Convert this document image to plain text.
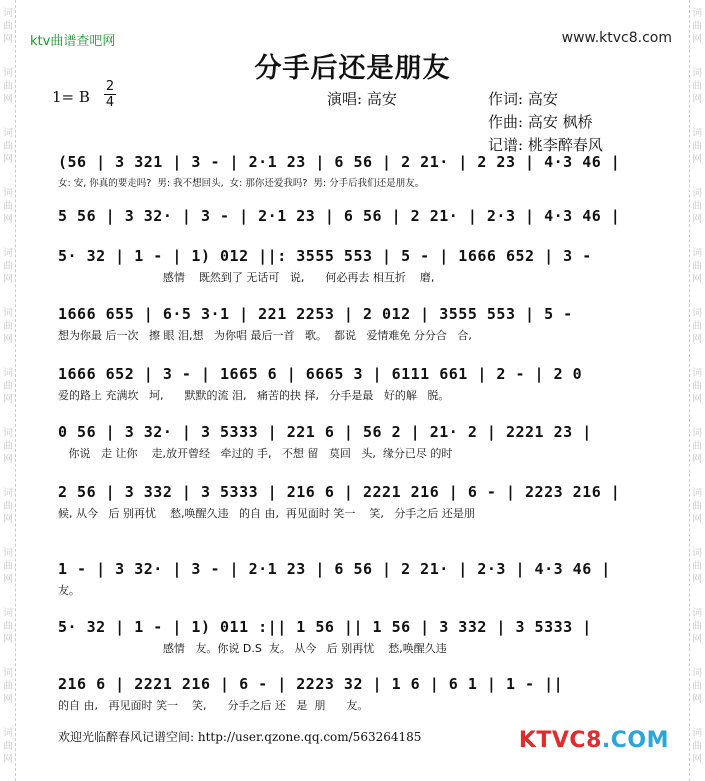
词
曲
网
词
曲
网
词
曲
网
词
曲
网
词
曲
网
词
曲
网
词
曲
网
词
曲
网
词
曲
网
词
曲
网
词
曲
网
词
曲
网
词
曲
网
词
曲
网
词
曲
网
词
曲
网
词
曲
网
词
曲
网
词
曲
网
词
曲
网
词
曲
网
词
曲
网
词
曲
网
词
曲
网
词
曲
网
词
曲
网
ktv曲谱查吧网	www.ktvc8.com
分手后还是朋友
1= B
2
4	演唱: 高安	作词: 高安
作曲: 高安 枫桥
记谱: 桃李醉春风
(56 | 3 321 | 3 - | 2·1 23 | 6 56 | 2 21· | 2 23 | 4·3 46 |
女: 安, 你真的要走吗?  男: 我不想回头,  女: 那你还爱我吗?  男: 分手后我们还是朋友。
5 56 | 3 32· | 3 - | 2·1 23 | 6 56 | 2 21· | 2·3 | 4·3 46 |
5· 32 | 1 - | 1) 012 ||: 3555 553 | 5 - | 1666 652 | 3 -
感情    既然到了 无话可   说,      何必再去 相互折    磨,
1666 655 | 6·5 3·1 | 221 2253 | 2 012 | 3555 553 | 5 -
想为你最 后一次   擦 眼 泪,想   为你唱 最后一首   歌。  都说   爱情难免 分分合   合,
1666 652 | 3 - | 1665 6 | 6665 3 | 6111 661 | 2 - | 2 0
爱的路上 充满坎   坷,      默默的流 泪,   痛苦的抉 择,   分手是最   好的解   脱。
0 56 | 3 32· | 3 5333 | 221 6 | 56 2 | 21· 2 | 2221 23 |
你说   走 让你    走,放开曾经   牵过的 手,   不想 留   莫回   头,  缘分已尽 的时
2 56 | 3 332 | 3 5333 | 216 6 | 2221 216 | 6 - | 2223 216 |
候, 从今   后 别再忧    愁,唤醒久违   的自 由,  再见面时 笑一    笑,   分手之后 还是朋
1 - | 3 32· | 3 - | 2·1 23 | 6 56 | 2 21· | 2·3 | 4·3 46 |
友。
5· 32 | 1 - | 1) 011 :|| 1 56 || 1 56 | 3 332 | 3 5333 |
感情   友。你说 D.S  友。 从今   后 别再忧    愁,唤醒久违
216 6 | 2221 216 | 6 - | 2223 32 | 1 6 | 6 1 | 1 - ||
的自 由,   再见面时 笑一    笑,      分手之后 还   是  朋      友。
欢迎光临醉春风记谱空间: http://user.qzone.qq.com/563264185	KTVC8.COM
